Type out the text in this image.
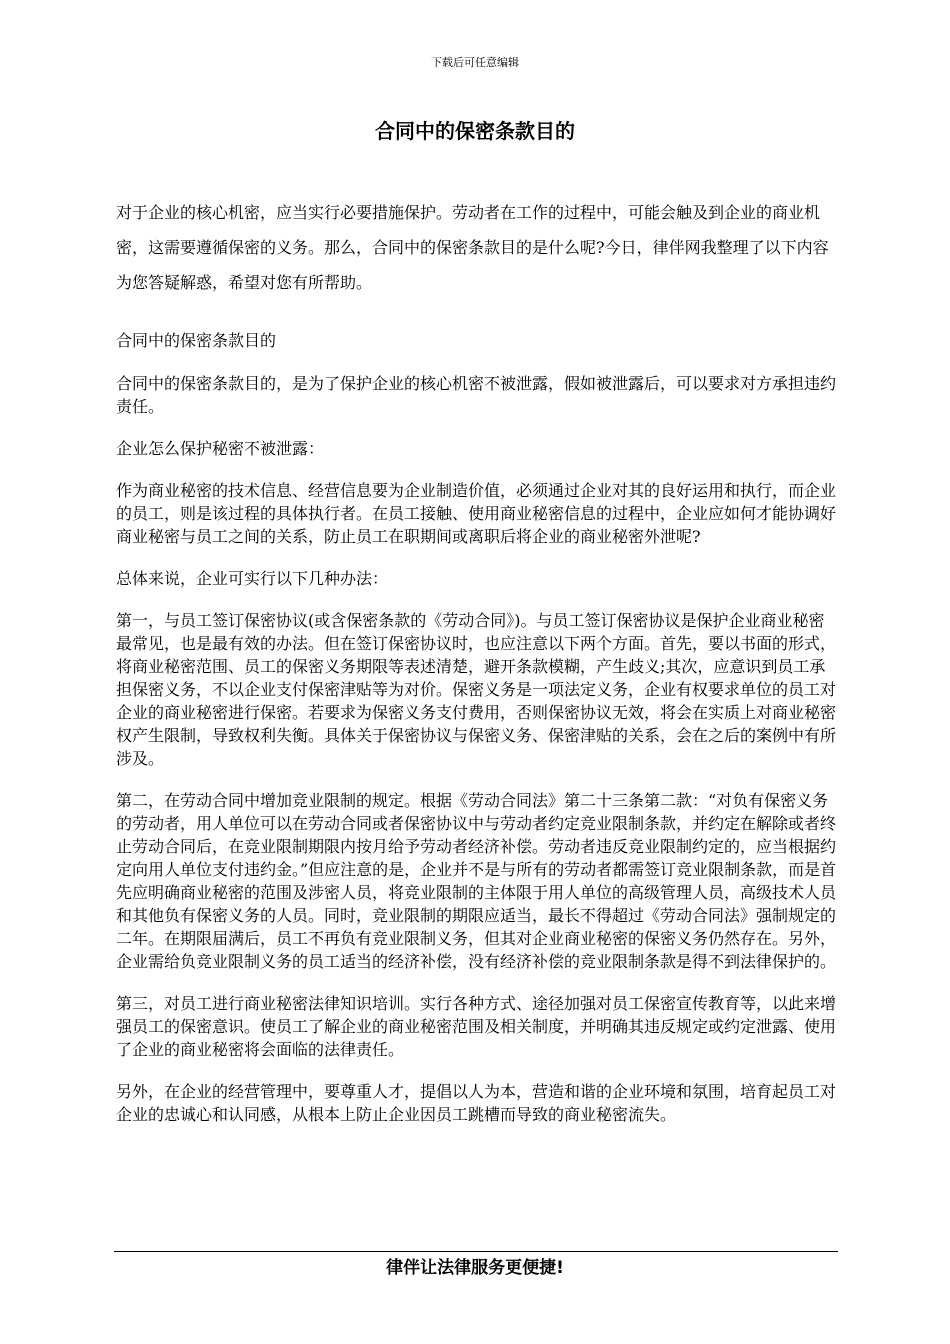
下载后可任意编辑
合同中的保密条款目的

对于企业的核心机密，应当实行必要措施保护。劳动者在工作的过程中，可能会触及到企业的商业机密，这需要遵循保密的义务。那么，合同中的保密条款目的是什么呢?今日，律伴网我整理了以下内容为您答疑解惑，希望对您有所帮助。

合同中的保密条款目的

合同中的保密条款目的，是为了保护企业的核心机密不被泄露，假如被泄露后，可以要求对方承担违约责任。

企业怎么保护秘密不被泄露：

作为商业秘密的技术信息、经营信息要为企业制造价值，必须通过企业对其的良好运用和执行，而企业的员工，则是该过程的具体执行者。在员工接触、使用商业秘密信息的过程中，企业应如何才能协调好商业秘密与员工之间的关系，防止员工在职期间或离职后将企业的商业秘密外泄呢?

总体来说，企业可实行以下几种办法：

第一，与员工签订保密协议(或含保密条款的《劳动合同》)。与员工签订保密协议是保护企业商业秘密最常见，也是最有效的办法。但在签订保密协议时，也应注意以下两个方面。首先，要以书面的形式，将商业秘密范围、员工的保密义务期限等表述清楚，避开条款模糊，产生歧义;其次，应意识到员工承担保密义务，不以企业支付保密津贴等为对价。保密义务是一项法定义务，企业有权要求单位的员工对企业的商业秘密进行保密。若要求为保密义务支付费用，否则保密协议无效，将会在实质上对商业秘密权产生限制，导致权利失衡。具体关于保密协议与保密义务、保密津贴的关系，会在之后的案例中有所涉及。

第二，在劳动合同中增加竞业限制的规定。根据《劳动合同法》第二十三条第二款：“对负有保密义务的劳动者，用人单位可以在劳动合同或者保密协议中与劳动者约定竞业限制条款，并约定在解除或者终止劳动合同后，在竞业限制期限内按月给予劳动者经济补偿。劳动者违反竞业限制约定的，应当根据约定向用人单位支付违约金。”但应注意的是，企业并不是与所有的劳动者都需签订竞业限制条款，而是首先应明确商业秘密的范围及涉密人员，将竞业限制的主体限于用人单位的高级管理人员，高级技术人员和其他负有保密义务的人员。同时，竞业限制的期限应适当，最长不得超过《劳动合同法》强制规定的二年。在期限届满后，员工不再负有竞业限制义务，但其对企业商业秘密的保密义务仍然存在。另外，企业需给负竞业限制义务的员工适当的经济补偿，没有经济补偿的竞业限制条款是得不到法律保护的。

第三，对员工进行商业秘密法律知识培训。实行各种方式、途径加强对员工保密宣传教育等，以此来增强员工的保密意识。使员工了解企业的商业秘密范围及相关制度，并明确其违反规定或约定泄露、使用了企业的商业秘密将会面临的法律责任。

另外，在企业的经营管理中，要尊重人才，提倡以人为本，营造和谐的企业环境和氛围，培育起员工对企业的忠诚心和认同感，从根本上防止企业因员工跳槽而导致的商业秘密流失。

律伴让法律服务更便捷!
